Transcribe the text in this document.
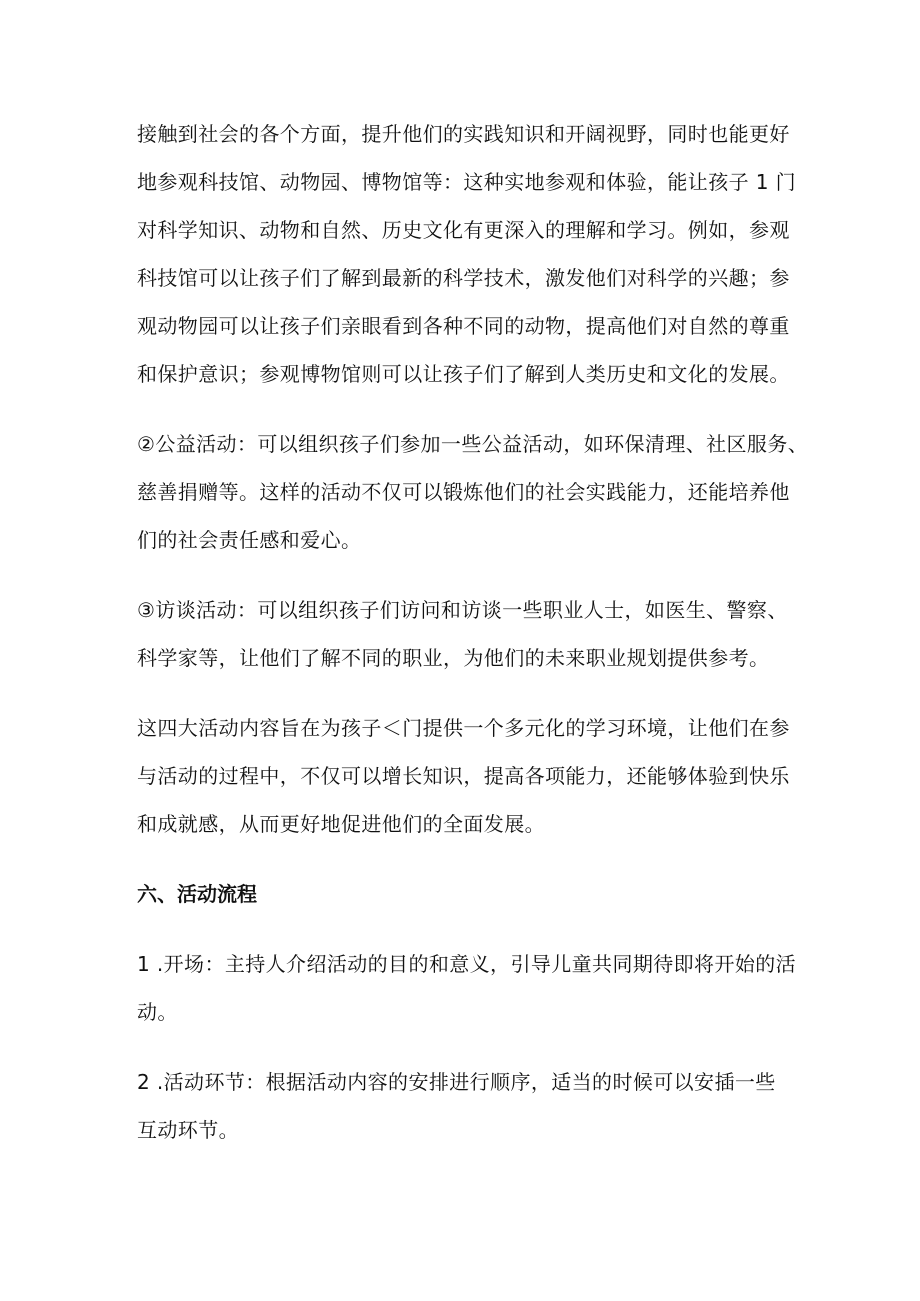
接触到社会的各个方面，提升他们的实践知识和开阔视野，同时也能更好
地参观科技馆、动物园、博物馆等：这种实地参观和体验，能让孩子 1 门
对科学知识、动物和自然、历史文化有更深入的理解和学习。例如，参观
科技馆可以让孩子们了解到最新的科学技术，激发他们对科学的兴趣；参
观动物园可以让孩子们亲眼看到各种不同的动物，提高他们对自然的尊重
和保护意识；参观博物馆则可以让孩子们了解到人类历史和文化的发展。
②公益活动：可以组织孩子们参加一些公益活动，如环保清理、社区服务、
慈善捐赠等。这样的活动不仅可以锻炼他们的社会实践能力，还能培养他
们的社会责任感和爱心。
③访谈活动：可以组织孩子们访问和访谈一些职业人士，如医生、警察、
科学家等，让他们了解不同的职业，为他们的未来职业规划提供参考。
这四大活动内容旨在为孩子＜门提供一个多元化的学习环境，让他们在参
与活动的过程中，不仅可以增长知识，提高各项能力，还能够体验到快乐
和成就感，从而更好地促进他们的全面发展。
六、活动流程
1 .开场：主持人介绍活动的目的和意义，引导儿童共同期待即将开始的活
动。
2 .活动环节：根据活动内容的安排进行顺序，适当的时候可以安插一些
互动环节。
